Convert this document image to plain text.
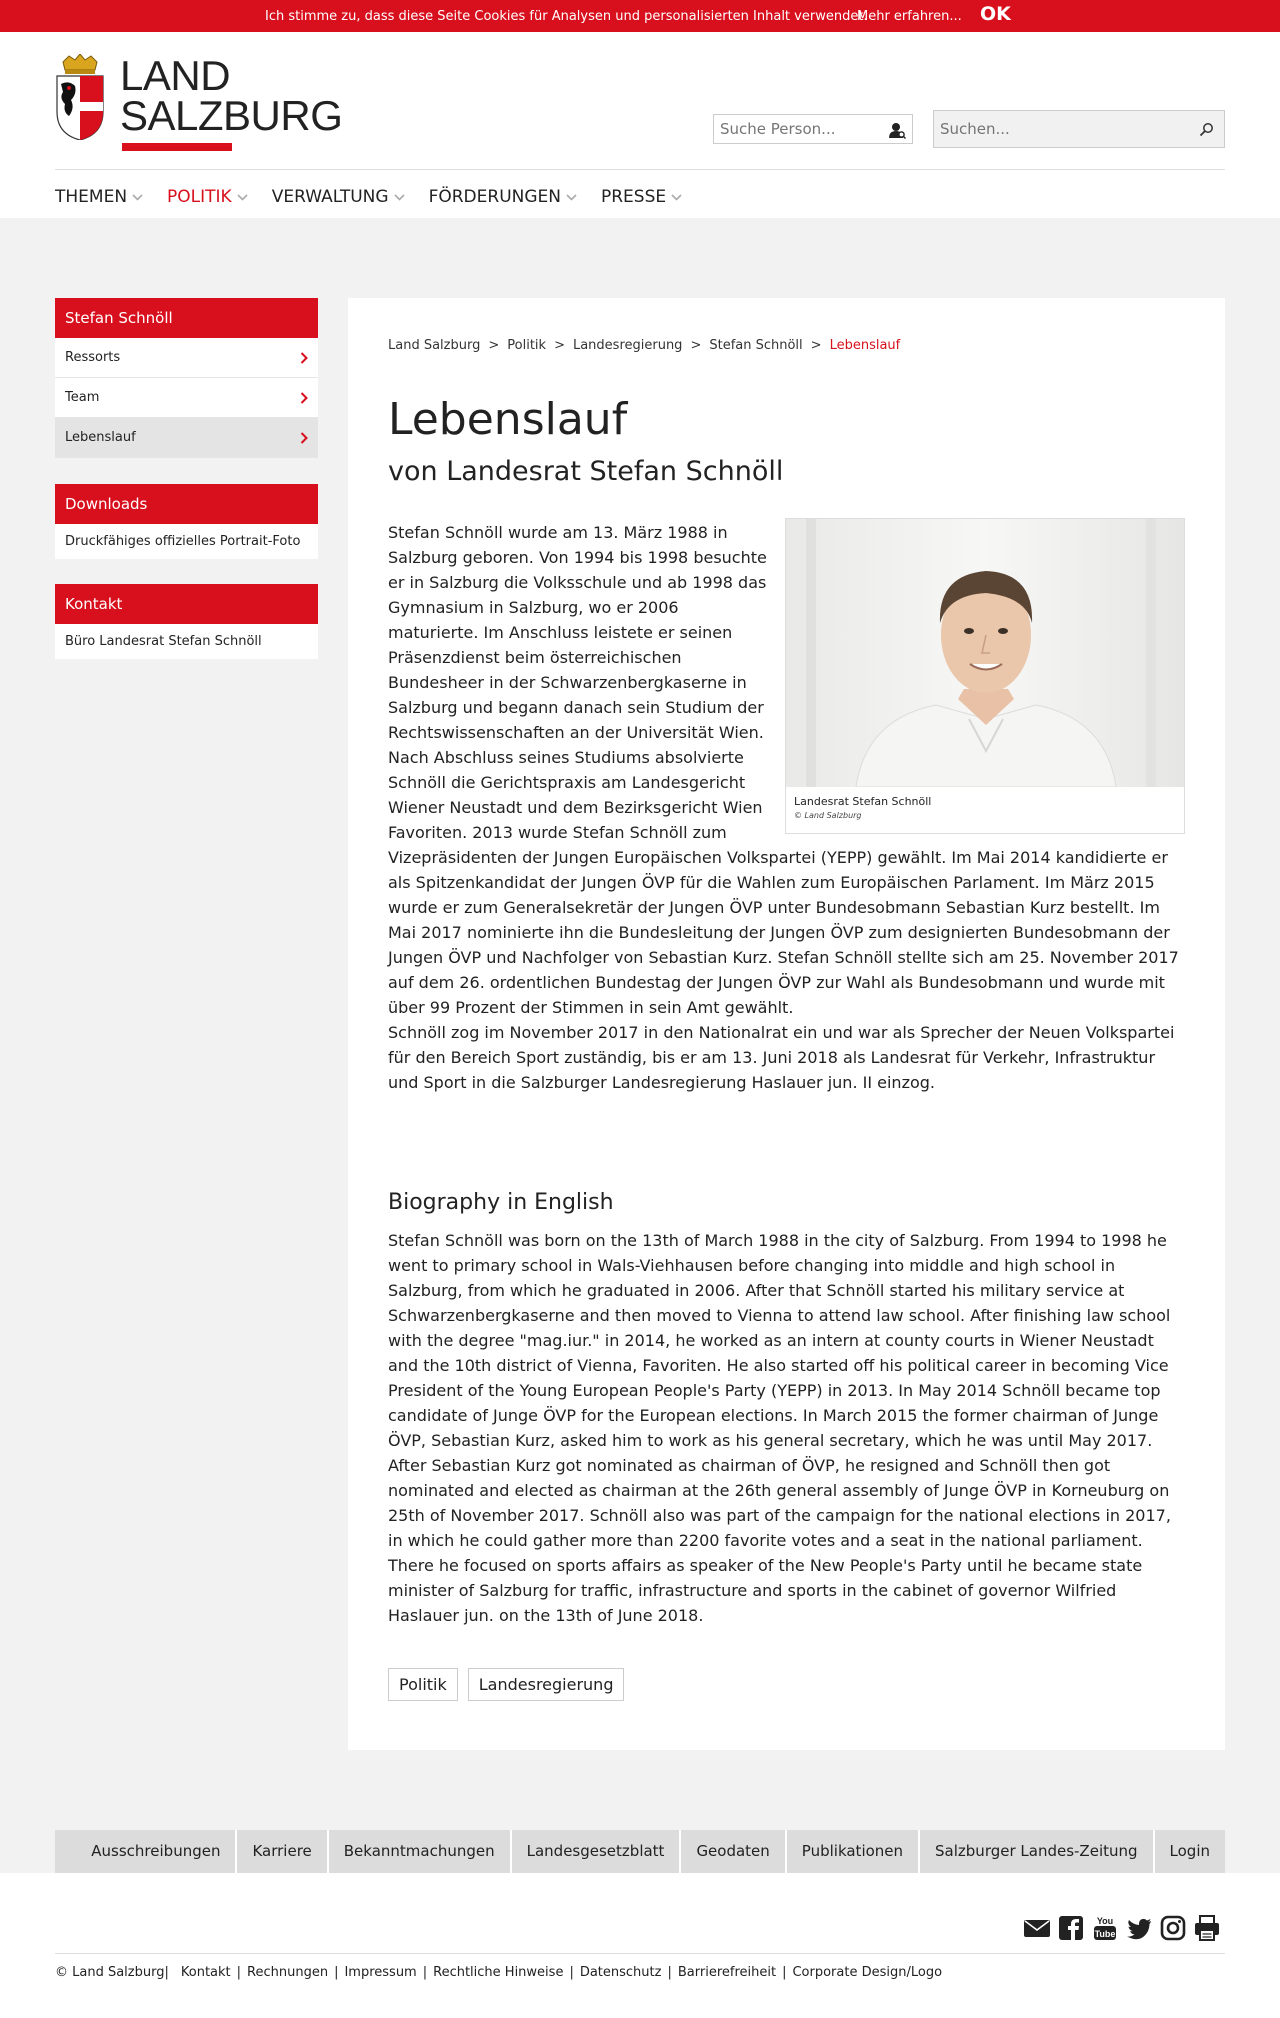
Ich stimme zu, dass diese Seite Cookies für Analysen und personalisierten Inhalt verwendet.
Mehr erfahren... OK
LAND
SALZBURG
Suche Person...
Suchen...
THEMEN POLITIK VERWALTUNG FÖRDERUNGEN PRESSE
Stefan Schnöll
Ressorts
Team
Lebenslauf
Downloads
Druckfähiges offizielles Portrait-Foto
Kontakt
Büro Landesrat Stefan Schnöll
Land Salzburg > Politik > Landesregierung > Stefan Schnöll > Lebenslauf
Lebenslauf
von Landesrat Stefan Schnöll
Landesrat Stefan Schnöll
© Land Salzburg
Stefan Schnöll wurde am 13. März 1988 in Salzburg geboren. Von 1994 bis 1998 besuchte er in Salzburg die Volksschule und ab 1998 das Gymnasium in Salzburg, wo er 2006 maturierte. Im Anschluss leistete er seinen Präsenzdienst beim österreichischen Bundesheer in der Schwarzenbergkaserne in Salzburg und begann danach sein Studium der Rechtswissenschaften an der Universität Wien. Nach Abschluss seines Studiums absolvierte Schnöll die Gerichtspraxis am Landesgericht Wiener Neustadt und dem Bezirksgericht Wien Favoriten. 2013 wurde Stefan Schnöll zum Vizepräsidenten der Jungen Europäischen Volkspartei (YEPP) gewählt. Im Mai 2014 kandidierte er als Spitzenkandidat der Jungen ÖVP für die Wahlen zum Europäischen Parlament. Im März 2015 wurde er zum Generalsekretär der Jungen ÖVP unter Bundesobmann Sebastian Kurz bestellt. Im Mai 2017 nominierte ihn die Bundesleitung der Jungen ÖVP zum designierten Bundesobmann der Jungen ÖVP und Nachfolger von Sebastian Kurz. Stefan Schnöll stellte sich am 25. November 2017 auf dem 26. ordentlichen Bundestag der Jungen ÖVP zur Wahl als Bundesobmann und wurde mit über 99 Prozent der Stimmen in sein Amt gewählt.
Schnöll zog im November 2017 in den Nationalrat ein und war als Sprecher der Neuen Volkspartei für den Bereich Sport zuständig, bis er am 13. Juni 2018 als Landesrat für Verkehr, Infrastruktur und Sport in die Salzburger Landesregierung Haslauer jun. II einzog.
Biography in English
Stefan Schnöll was born on the 13th of March 1988 in the city of Salzburg. From 1994 to 1998 he went to primary school in Wals-Viehhausen before changing into middle and high school in Salzburg, from which he graduated in 2006. After that Schnöll started his military service at Schwarzenbergkaserne and then moved to Vienna to attend law school. After finishing law school with the degree "mag.iur." in 2014, he worked as an intern at county courts in Wiener Neustadt and the 10th district of Vienna, Favoriten. He also started off his political career in becoming Vice President of the Young European People's Party (YEPP) in 2013. In May 2014 Schnöll became top candidate of Junge ÖVP for the European elections. In March 2015 the former chairman of Junge ÖVP, Sebastian Kurz, asked him to work as his general secretary, which he was until May 2017. After Sebastian Kurz got nominated as chairman of ÖVP, he resigned and Schnöll then got nominated and elected as chairman at the 26th general assembly of Junge ÖVP in Korneuburg on 25th of November 2017. Schnöll also was part of the campaign for the national elections in 2017, in which he could gather more than 2200 favorite votes and a seat in the national parliament. There he focused on sports affairs as speaker of the New People's Party until he became state minister of Salzburg for traffic, infrastructure and sports in the cabinet of governor Wilfried Haslauer jun. on the 13th of June 2018.
Politik	Landesregierung
Ausschreibungen	Karriere	Bekanntmachungen	Landesgesetzblatt	Geodaten	Publikationen	Salzburger Landes-Zeitung	Login
You
Tube
© Land Salzburg| Kontakt | Rechnungen | Impressum | Rechtliche Hinweise | Datenschutz | Barrierefreiheit | Corporate Design/Logo
